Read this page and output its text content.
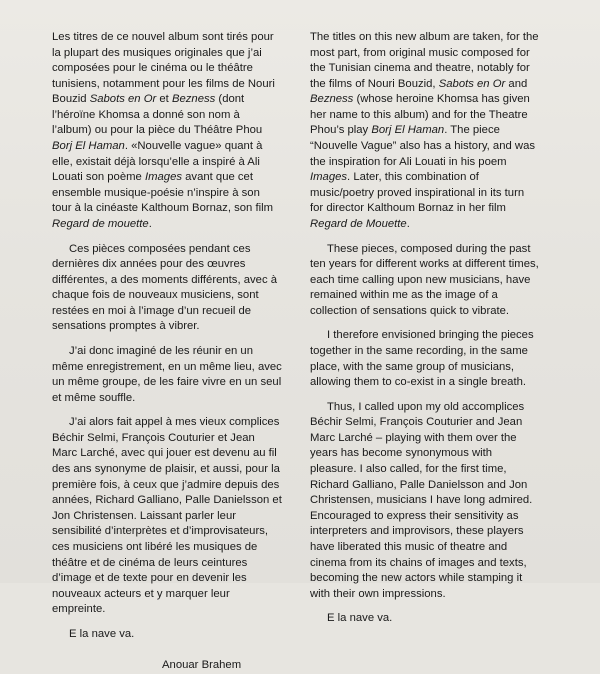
Les titres de ce nouvel album sont tirés pour la plupart des musiques originales que j’ai composées pour le cinéma ou le théâtre tunisiens, notamment pour les films de Nouri Bouzid Sabots en Or et Bezness (dont l’héroïne Khomsa a donné son nom à l’album) ou pour la pièce du Théâtre Phou Borj El Haman. «Nouvelle vague» quant à elle, existait déjà lorsqu’elle a inspiré à Ali Louati son poème Images avant que cet ensemble musique-poésie n’inspire à son tour à la cinéaste Kalthoum Bornaz, son film Regard de mouette.

Ces pièces composées pendant ces dernières dix années pour des œuvres différentes, a des moments différents, avec à chaque fois de nouveaux musiciens, sont restées en moi à l’image d’un recueil de sensations promptes à vibrer.

J’ai donc imaginé de les réunir en un même enregistrement, en un même lieu, avec un même groupe, de les faire vivre en un seul et même souffle.

J’ai alors fait appel à mes vieux complices Béchir Selmi, François Couturier et Jean Marc Larché, avec qui jouer est devenu au fil des ans synonyme de plaisir, et aussi, pour la première fois, à ceux que j’admire depuis des années, Richard Galliano, Palle Danielsson et Jon Christensen. Laissant parler leur sensibilité d’interprètes et d’improvisateurs, ces musiciens ont libéré les musiques de théâtre et de cinéma de leurs ceintures d’image et de texte pour en devenir les nouveaux acteurs et y marquer leur empreinte.

E la nave va.

Anouar Brahem

The titles on this new album are taken, for the most part, from original music composed for the Tunisian cinema and theatre, notably for the films of Nouri Bouzid, Sabots en Or and Bezness (whose heroine Khomsa has given her name to this album) and for the Theatre Phou’s play Borj El Haman. The piece “Nouvelle Vague” also has a history, and was the inspiration for Ali Louati in his poem Images. Later, this combination of music/poetry proved inspirational in its turn for director Kalthoum Bornaz in her film Regard de Mouette.

These pieces, composed during the past ten years for different works at different times, each time calling upon new musicians, have remained within me as the image of a collection of sensations quick to vibrate.

I therefore envisioned bringing the pieces together in the same recording, in the same place, with the same group of musicians, allowing them to co-exist in a single breath.

Thus, I called upon my old accomplices Béchir Selmi, François Couturier and Jean Marc Larché – playing with them over the years has become synonymous with pleasure. I also called, for the first time, Richard Galliano, Palle Danielsson and Jon Christensen, musicians I have long admired. Encouraged to express their sensitivity as interpreters and improvisors, these players have liberated this music of theatre and cinema from its chains of images and texts, becoming the new actors while stamping it with their own impressions.

E la nave va.
